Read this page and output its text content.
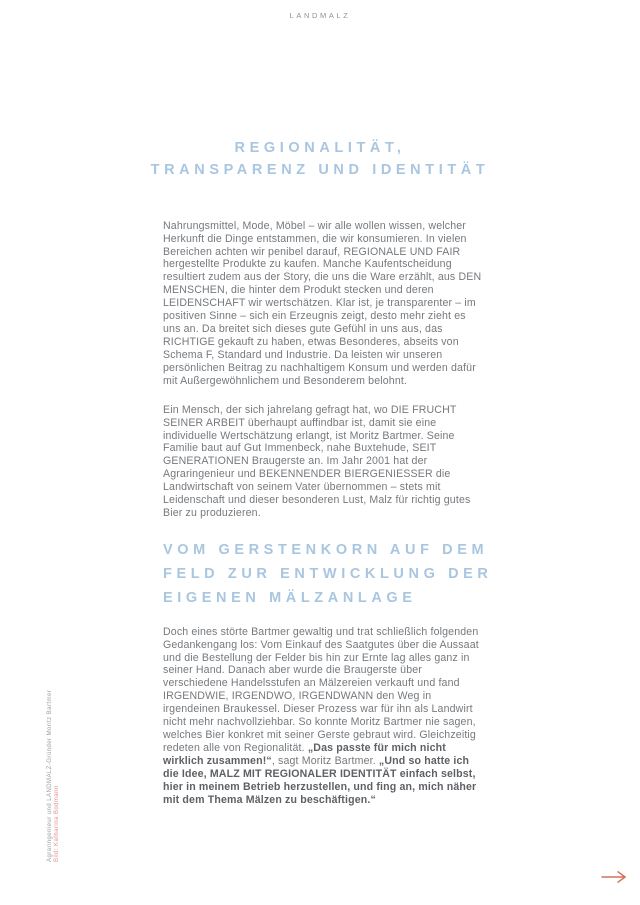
LANDMALZ
REGIONALITÄT,
TRANSPARENZ UND IDENTITÄT

Nahrungsmittel, Mode, Möbel – wir alle wollen wissen, welcher Herkunft die Dinge entstammen, die wir konsumieren. In vielen Bereichen achten wir penibel darauf, REGIONALE UND FAIR hergestellte Produkte zu kaufen. Manche Kaufentscheidung resultiert zudem aus der Story, die uns die Ware erzählt, aus DEN MENSCHEN, die hinter dem Produkt stecken und deren LEIDENSCHAFT wir wertschätzen. Klar ist, je transparenter – im positiven Sinne – sich ein Erzeugnis zeigt, desto mehr zieht es uns an. Da breitet sich dieses gute Gefühl in uns aus, das RICHTIGE gekauft zu haben, etwas Besonderes, abseits von Schema F, Standard und Industrie. Da leisten wir unseren persönlichen Beitrag zu nachhaltigem Konsum und werden dafür mit Außergewöhnlichem und Besonderem belohnt.

Ein Mensch, der sich jahrelang gefragt hat, wo DIE FRUCHT SEINER ARBEIT überhaupt auffindbar ist, damit sie eine individuelle Wertschätzung erlangt, ist Moritz Bartmer. Seine Familie baut auf Gut Immenbeck, nahe Buxtehude, SEIT GENERATIONEN Braugerste an. Im Jahr 2001 hat der Agraringenieur und BEKENNENDER BIERGENIESSER die Landwirtschaft von seinem Vater übernommen – stets mit Leidenschaft und dieser besonderen Lust, Malz für richtig gutes Bier zu produzieren.

VOM GERSTENKORN AUF DEM
FELD ZUR ENTWICKLUNG DER
EIGENEN MÄLZANLAGE

Doch eines störte Bartmer gewaltig und trat schließlich folgenden Gedankengang los: Vom Einkauf des Saatgutes über die Aussaat und die Bestellung der Felder bis hin zur Ernte lag alles ganz in seiner Hand. Danach aber wurde die Braugerste über verschiedene Handelsstufen an Mälzereien verkauft und fand IRGENDWIE, IRGENDWO, IRGENDWANN den Weg in irgendeinen Braukessel. Dieser Prozess war für ihn als Landwirt nicht mehr nachvollziehbar. So konnte Moritz Bartmer nie sagen, welches Bier konkret mit seiner Gerste gebraut wird. Gleichzeitig redeten alle von Regionalität. „Das passte für mich nicht wirklich zusammen!“, sagt Moritz Bartmer. „Und so hatte ich die Idee, MALZ MIT REGIONALER IDENTITÄT einfach selbst, hier in meinem Betrieb herzustellen, und fing an, mich näher mit dem Thema Mälzen zu beschäftigen.“

Agraringenieur und LANDMALZ-Gründer Moritz Bartmer Bild: Katharina Bodmann
